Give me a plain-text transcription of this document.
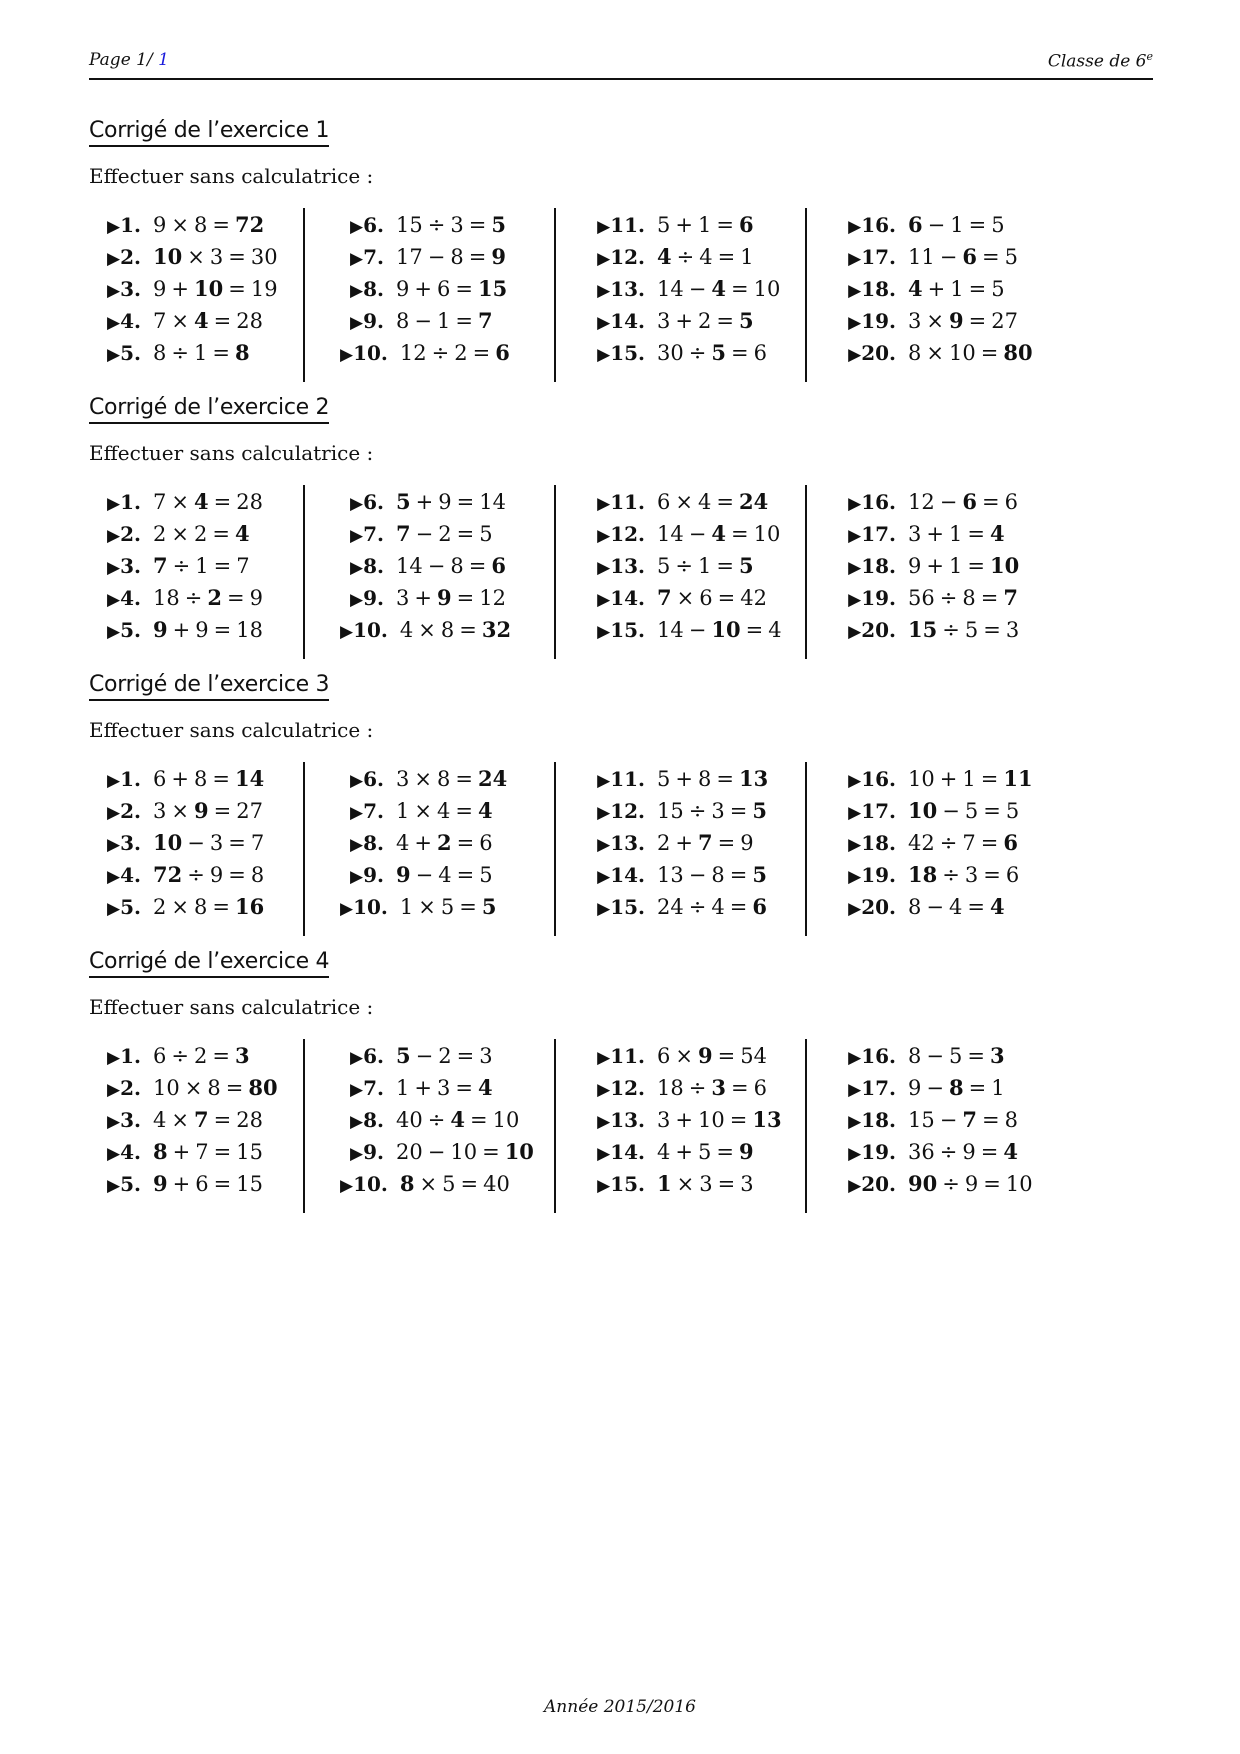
Page 1/ 1	Classe de 6e
Corrigé de l’exercice 1
Effectuer sans calculatrice :
▶1. 9 × 8 = 72
▶2. 10 × 3 = 30
▶3. 9 + 10 = 19
▶4. 7 × 4 = 28
▶5. 8 ÷ 1 = 8
▶6. 15 ÷ 3 = 5
▶7. 17 − 8 = 9
▶8. 9 + 6 = 15
▶9. 8 − 1 = 7
▶10. 12 ÷ 2 = 6
▶11. 5 + 1 = 6
▶12. 4 ÷ 4 = 1
▶13. 14 − 4 = 10
▶14. 3 + 2 = 5
▶15. 30 ÷ 5 = 6
▶16. 6 − 1 = 5
▶17. 11 − 6 = 5
▶18. 4 + 1 = 5
▶19. 3 × 9 = 27
▶20. 8 × 10 = 80
Corrigé de l’exercice 2
Effectuer sans calculatrice :
▶1. 7 × 4 = 28
▶2. 2 × 2 = 4
▶3. 7 ÷ 1 = 7
▶4. 18 ÷ 2 = 9
▶5. 9 + 9 = 18
▶6. 5 + 9 = 14
▶7. 7 − 2 = 5
▶8. 14 − 8 = 6
▶9. 3 + 9 = 12
▶10. 4 × 8 = 32
▶11. 6 × 4 = 24
▶12. 14 − 4 = 10
▶13. 5 ÷ 1 = 5
▶14. 7 × 6 = 42
▶15. 14 − 10 = 4
▶16. 12 − 6 = 6
▶17. 3 + 1 = 4
▶18. 9 + 1 = 10
▶19. 56 ÷ 8 = 7
▶20. 15 ÷ 5 = 3
Corrigé de l’exercice 3
Effectuer sans calculatrice :
▶1. 6 + 8 = 14
▶2. 3 × 9 = 27
▶3. 10 − 3 = 7
▶4. 72 ÷ 9 = 8
▶5. 2 × 8 = 16
▶6. 3 × 8 = 24
▶7. 1 × 4 = 4
▶8. 4 + 2 = 6
▶9. 9 − 4 = 5
▶10. 1 × 5 = 5
▶11. 5 + 8 = 13
▶12. 15 ÷ 3 = 5
▶13. 2 + 7 = 9
▶14. 13 − 8 = 5
▶15. 24 ÷ 4 = 6
▶16. 10 + 1 = 11
▶17. 10 − 5 = 5
▶18. 42 ÷ 7 = 6
▶19. 18 ÷ 3 = 6
▶20. 8 − 4 = 4
Corrigé de l’exercice 4
Effectuer sans calculatrice :
▶1. 6 ÷ 2 = 3
▶2. 10 × 8 = 80
▶3. 4 × 7 = 28
▶4. 8 + 7 = 15
▶5. 9 + 6 = 15
▶6. 5 − 2 = 3
▶7. 1 + 3 = 4
▶8. 40 ÷ 4 = 10
▶9. 20 − 10 = 10
▶10. 8 × 5 = 40
▶11. 6 × 9 = 54
▶12. 18 ÷ 3 = 6
▶13. 3 + 10 = 13
▶14. 4 + 5 = 9
▶15. 1 × 3 = 3
▶16. 8 − 5 = 3
▶17. 9 − 8 = 1
▶18. 15 − 7 = 8
▶19. 36 ÷ 9 = 4
▶20. 90 ÷ 9 = 10
Année 2015/2016
